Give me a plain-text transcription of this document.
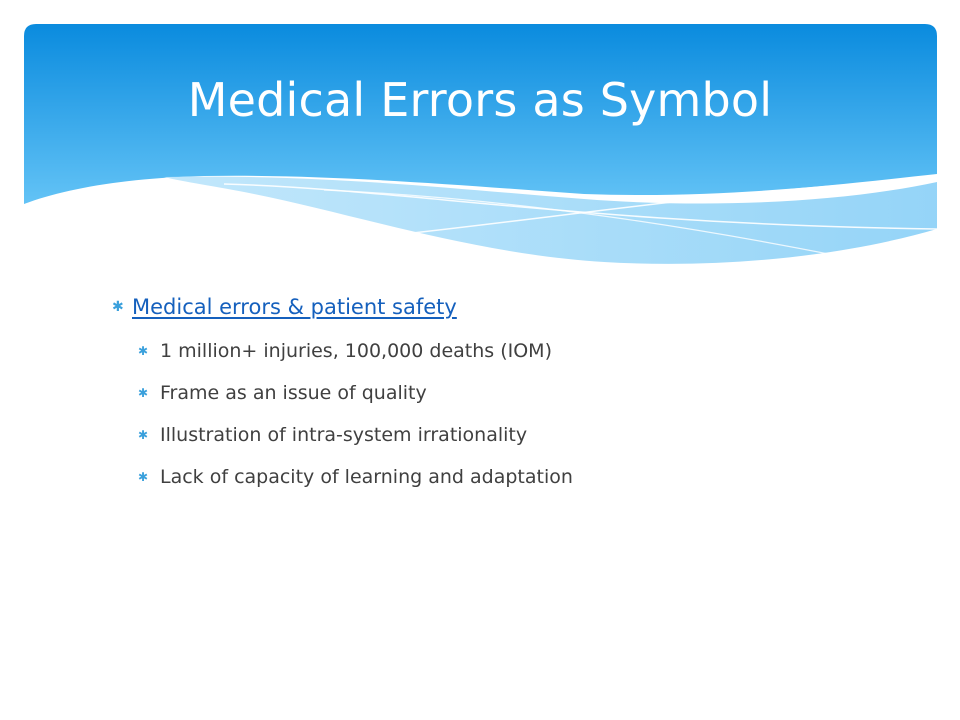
Medical Errors as Symbol
✱ Medical errors & patient safety
✱ 1 million+ injuries, 100,000 deaths (IOM)
✱ Frame as an issue of quality
✱ Illustration of intra-system irrationality
✱ Lack of capacity of learning and adaptation
